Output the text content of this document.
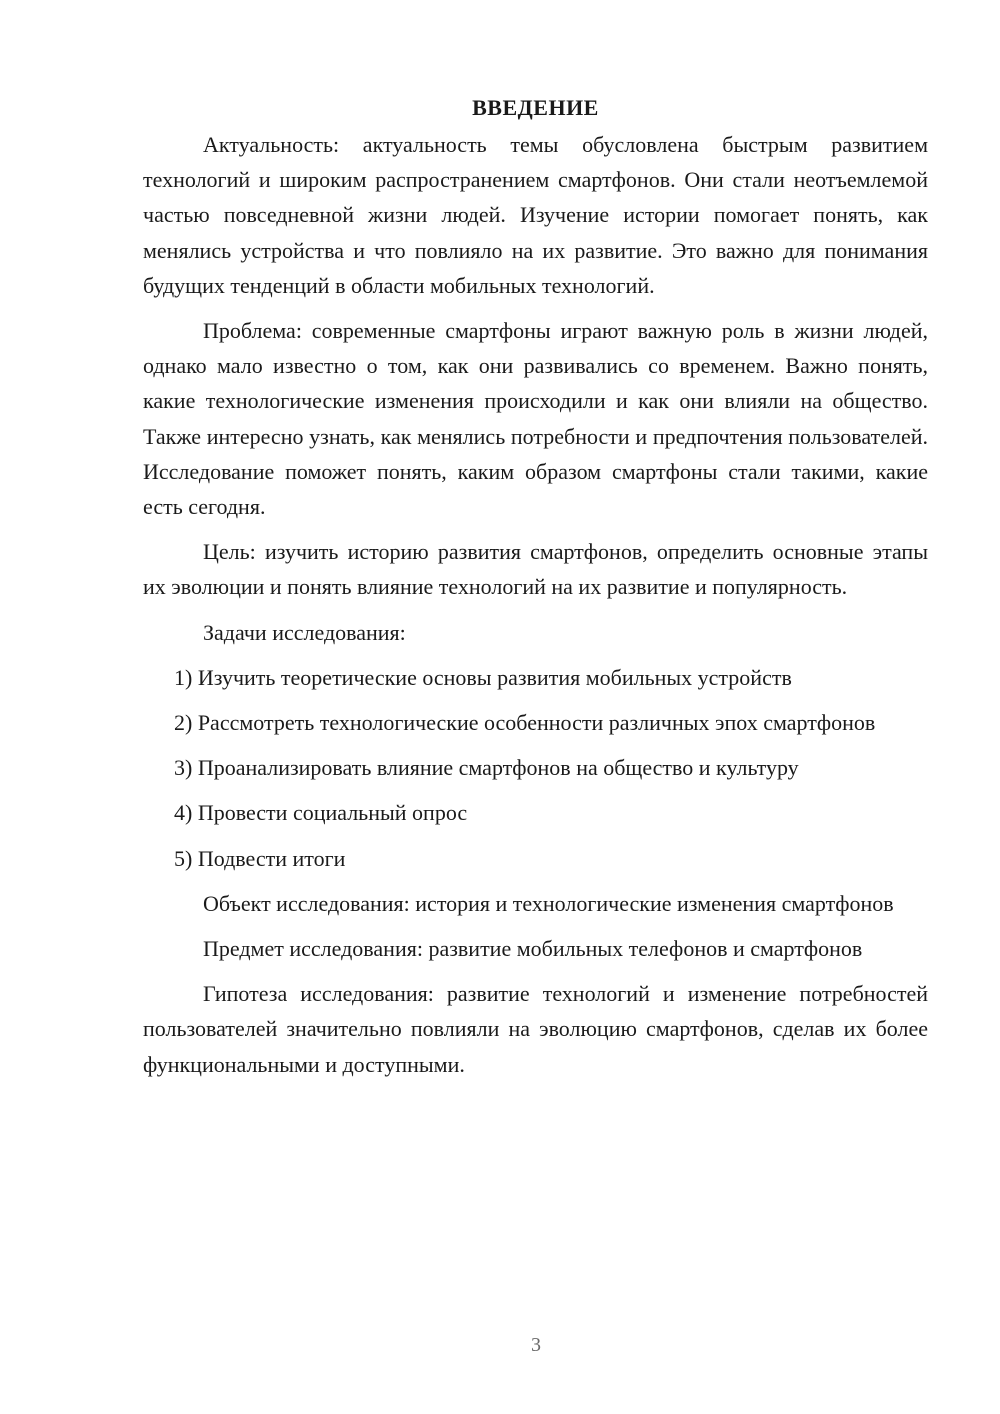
ВВЕДЕНИЕ

Актуальность: актуальность темы обусловлена быстрым развитием технологий и широким распространением смартфонов. Они стали неотъемлемой частью повседневной жизни людей. Изучение истории помогает понять, как менялись устройства и что повлияло на их развитие. Это важно для понимания будущих тенденций в области мобильных технологий.

Проблема: современные смартфоны играют важную роль в жизни людей, однако мало известно о том, как они развивались со временем. Важно понять, какие технологические изменения происходили и как они влияли на общество. Также интересно узнать, как менялись потребности и предпочтения пользователей. Исследование поможет понять, каким образом смартфоны стали такими, какие есть сегодня.

Цель: изучить историю развития смартфонов, определить основные этапы их эволюции и понять влияние технологий на их развитие и популярность.

Задачи исследования:

1) Изучить теоретические основы развития мобильных устройств

2) Рассмотреть технологические особенности различных эпох смартфонов

3) Проанализировать влияние смартфонов на общество и культуру

4) Провести социальный опрос

5) Подвести итоги

Объект исследования: история и технологические изменения смартфонов

Предмет исследования: развитие мобильных телефонов и смартфонов

Гипотеза исследования: развитие технологий и изменение потребностей пользователей значительно повлияли на эволюцию смартфонов, сделав их более функциональными и доступными.

3
